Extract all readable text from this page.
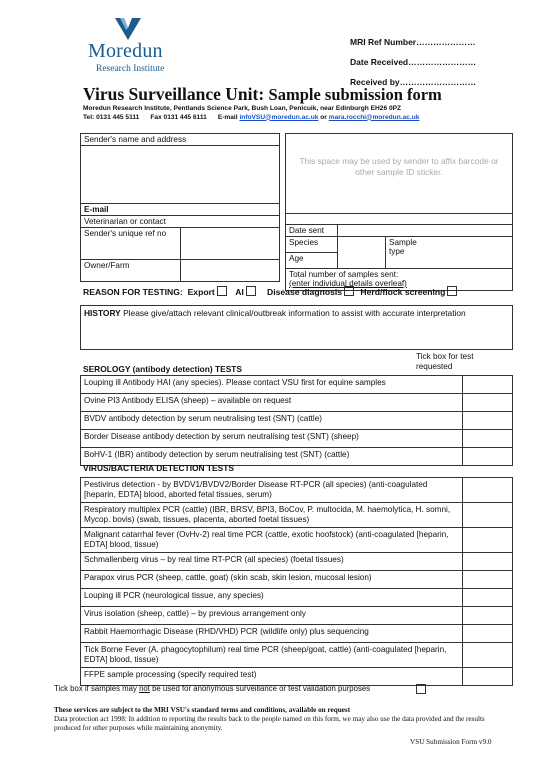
Moredun
Research Institute
MRI Ref Number…………………
Date Received……………………
Received by………………………
Virus Surveillance Unit: Sample submission form
Moredun Research Institute, Pentlands Science Park, Bush Loan, Penicuik, near Edinburgh EH26 0PZ
Tel: 0131 445 5111 Fax 0131 445 6111 E-mail infoVSU@moredun.ac.uk or mara.rocchi@moredun.ac.uk
Sender's name and address	

E-mail	
Veterinarian or contact	
Sender's unique ref no	
Owner/Farm	
This space may be used by sender to affix barcode or other sample ID sticker.		

Date sent		
Species		Sample type

Age		

Total number of samples sent:
(enter individual details overleaf)		
REASON FOR TESTING: Export AI	Disease diagnosis Herd/flock screening
HISTORY Please give/attach relevant clinical/outbreak information to assist with accurate interpretation
Tick box for test requested
SEROLOGY (antibody detection) TESTS
Louping ill Antibody HAI (any species). Please contact VSU first for equine samples	
Ovine PI3 Antibody ELISA (sheep) – available on request	
BVDV antibody detection by serum neutralising test (SNT) (cattle)	
Border Disease antibody detection by serum neutralising test (SNT) (sheep)	
BoHV-1 (IBR) antibody detection by serum neutralising test (SNT) (cattle)	
VIRUS/BACTERIA DETECTION TESTS
Pestivirus detection - by BVDV1/BVDV2/Border Disease RT-PCR (all species) (anti-coagulated [heparin, EDTA] blood, aborted fetal tissues, serum)	
Respiratory multiplex PCR (cattle) (IBR, BRSV, BPI3, BoCov, P. multocida, M. haemolytica, H. somni, Mycop. bovis) (swab, tissues, placenta, aborted foetal tissues)	
Malignant catarrhal fever (OvHv-2) real time PCR (cattle, exotic hoofstock) (anti-coagulated [heparin, EDTA] blood, tissue)	
Schmallenberg virus – by real time RT-PCR (all species) (foetal tissues)	
Parapox virus PCR (sheep, cattle, goat) (skin scab, skin lesion, mucosal lesion)	
Louping ill PCR (neurological tissue, any species)	
Virus isolation (sheep, cattle) – by previous arrangement only	
Rabbit Haemorrhagic Disease (RHD/VHD) PCR (wildlife only) plus sequencing	
Tick Borne Fever (A. phagocytophilum) real time PCR (sheep/goat, cattle) (anti-coagulated [heparin, EDTA] blood, tissue)	
FFPE sample processing (specify required test)	
Tick box if samples may not be used for anonymous surveillance or test validation purposes
These services are subject to the MRI VSU's standard terms and conditions, available on request
Data protection act 1998: In addition to reporting the results back to the people named on this form, we may also use the data provided and the results produced for other purposes while maintaining anonymity.
VSU Submission Form v9.0
